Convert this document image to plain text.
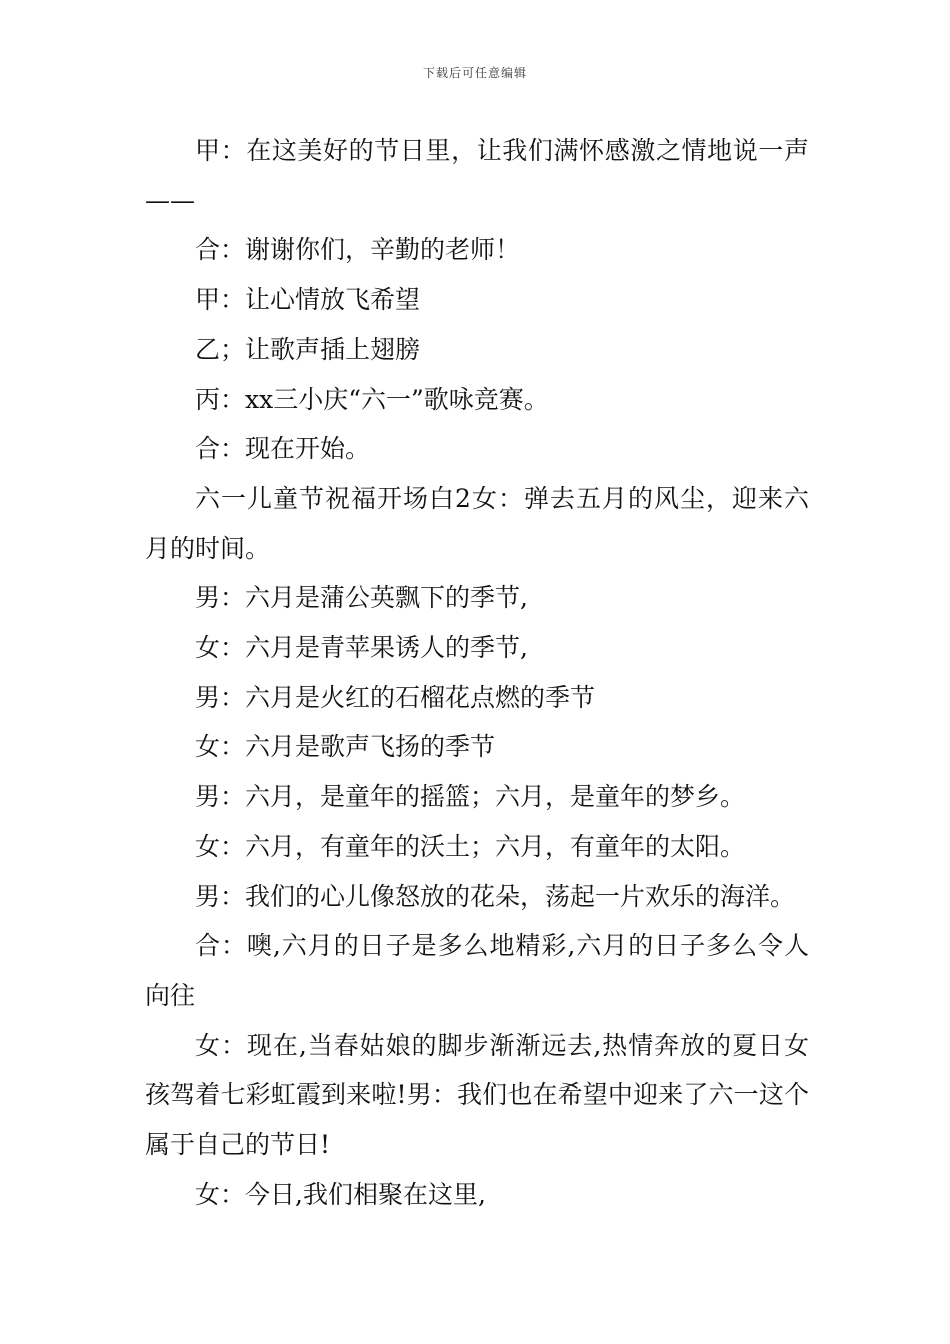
下载后可任意编辑

甲：在这美好的节日里，让我们满怀感激之情地说一声——

合：谢谢你们，辛勤的老师！

甲：让心情放飞希望

乙；让歌声插上翅膀

丙：xx三小庆“六一”歌咏竞赛。

合：现在开始。

六一儿童节祝福开场白2女：弹去五月的风尘，迎来六月的时间。

男：六月是蒲公英飘下的季节,

女：六月是青苹果诱人的季节,

男：六月是火红的石榴花点燃的季节

女：六月是歌声飞扬的季节

男：六月，是童年的摇篮；六月，是童年的梦乡。

女：六月，有童年的沃土；六月，有童年的太阳。

男：我们的心儿像怒放的花朵，荡起一片欢乐的海洋。

合：噢,六月的日子是多么地精彩,六月的日子多么令人向往

女：现在,当春姑娘的脚步渐渐远去,热情奔放的夏日女孩驾着七彩虹霞到来啦!男：我们也在希望中迎来了六一这个属于自己的节日!

女：今日,我们相聚在这里,
